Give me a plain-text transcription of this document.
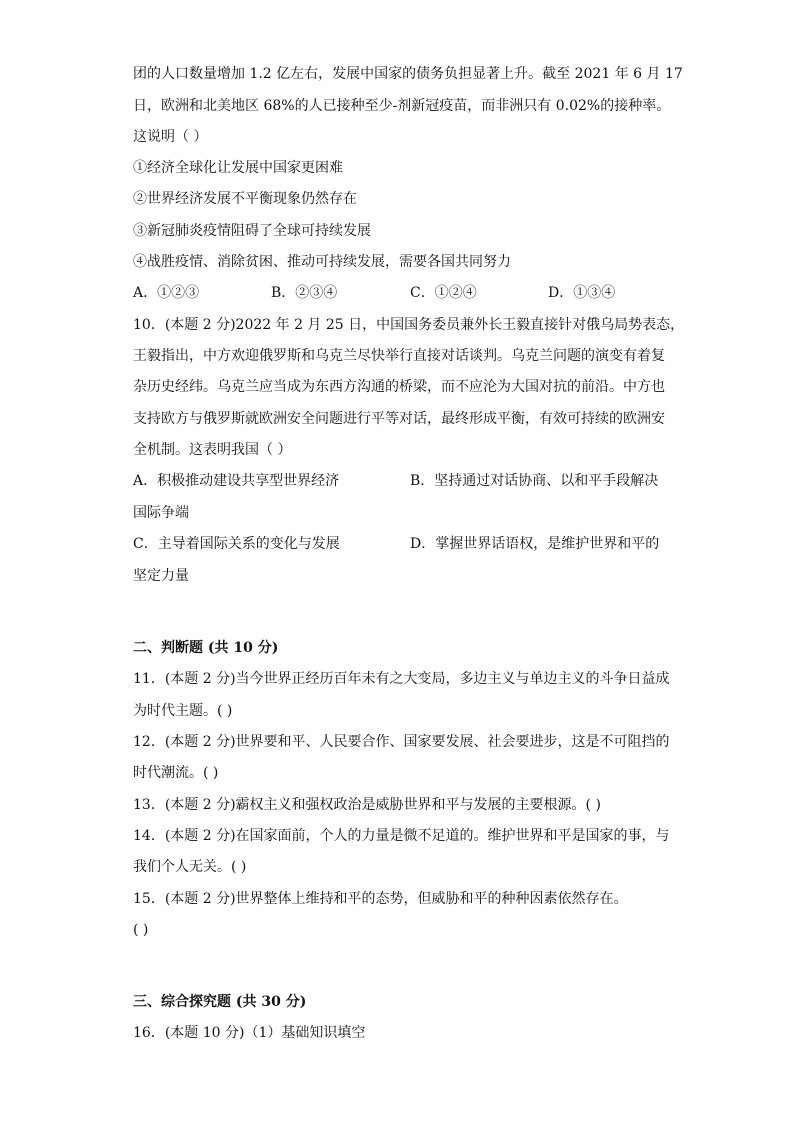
团的人口数量增加 1.2 亿左右，发展中国家的债务负担显著上升。截至 2021 年 6 月 17
日，欧洲和北美地区 68%的人已接种至少-剂新冠疫苗，而非洲只有 0.02%的接种率。
这说明（ ）
①经济全球化让发展中国家更困难
②世界经济发展不平衡现象仍然存在
③新冠肺炎疫情阻碍了全球可持续发展
④战胜疫情、消除贫困、推动可持续发展，需要各国共同努力
A．①②③	B．②③④	C．①②④	D．①③④
10．(本题 2 分)2022 年 2 月 25 日，中国国务委员兼外长王毅直接针对俄乌局势表态，
王毅指出，中方欢迎俄罗斯和乌克兰尽快举行直接对话谈判。乌克兰问题的演变有着复
杂历史经纬。乌克兰应当成为东西方沟通的桥梁，而不应沦为大国对抗的前沿。中方也
支持欧方与俄罗斯就欧洲安全问题进行平等对话，最终形成平衡，有效可持续的欧洲安
全机制。这表明我国（ ）
A．积极推动建设共享型世界经济	B．坚持通过对话协商、以和平手段解决
国际争端
C．主导着国际关系的变化与发展	D．掌握世界话语权，是维护世界和平的
坚定力量
二、判断题 (共 10 分)
11．(本题 2 分)当今世界正经历百年未有之大变局，多边主义与单边主义的斗争日益成
为时代主题。( )
12．(本题 2 分)世界要和平、人民要合作、国家要发展、社会要进步，这是不可阻挡的
时代潮流。( )
13．(本题 2 分)霸权主义和强权政治是威胁世界和平与发展的主要根源。( )
14．(本题 2 分)在国家面前，个人的力量是微不足道的。维护世界和平是国家的事，与
我们个人无关。( )
15．(本题 2 分)世界整体上维持和平的态势，但威胁和平的种种因素依然存在。
( )
三、综合探究题 (共 30 分)
16．(本题 10 分)（1）基础知识填空
